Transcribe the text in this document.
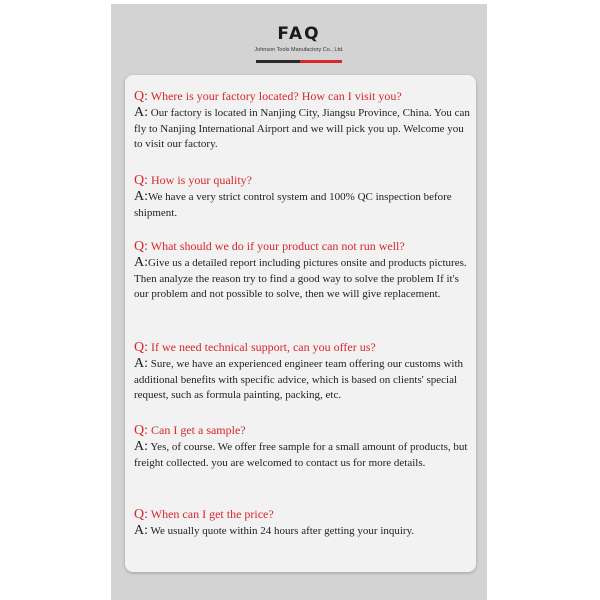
FAQ
Johnson Tools Manufactory Co., Ltd.
Q: Where is your factory located? How can I visit you?
A: Our factory is located in Nanjing City, Jiangsu Province, China. You can fly to Nanjing International Airport and we will pick you up. Welcome you to visit our factory.
Q: How is your quality?
A:We have a very strict control system and 100% QC inspection before shipment.
Q: What should we do if your product can not run well?
A:Give us a detailed report including pictures onsite and products pictures. Then analyze the reason try to find a good way to solve the problem If it's our problem and not possible to solve, then we will give replacement.
Q: If we need technical support, can you offer us?
A: Sure, we have an experienced engineer team offering our customs with additional benefits with specific advice, which is based on clients' special request, such as formula painting, packing, etc.
Q: Can I get a sample?
A: Yes, of course. We offer free sample for a small amount of products, but freight collected. you are welcomed to contact us for more details.
Q: When can I get the price?
A: We usually quote within 24 hours after getting your inquiry.
